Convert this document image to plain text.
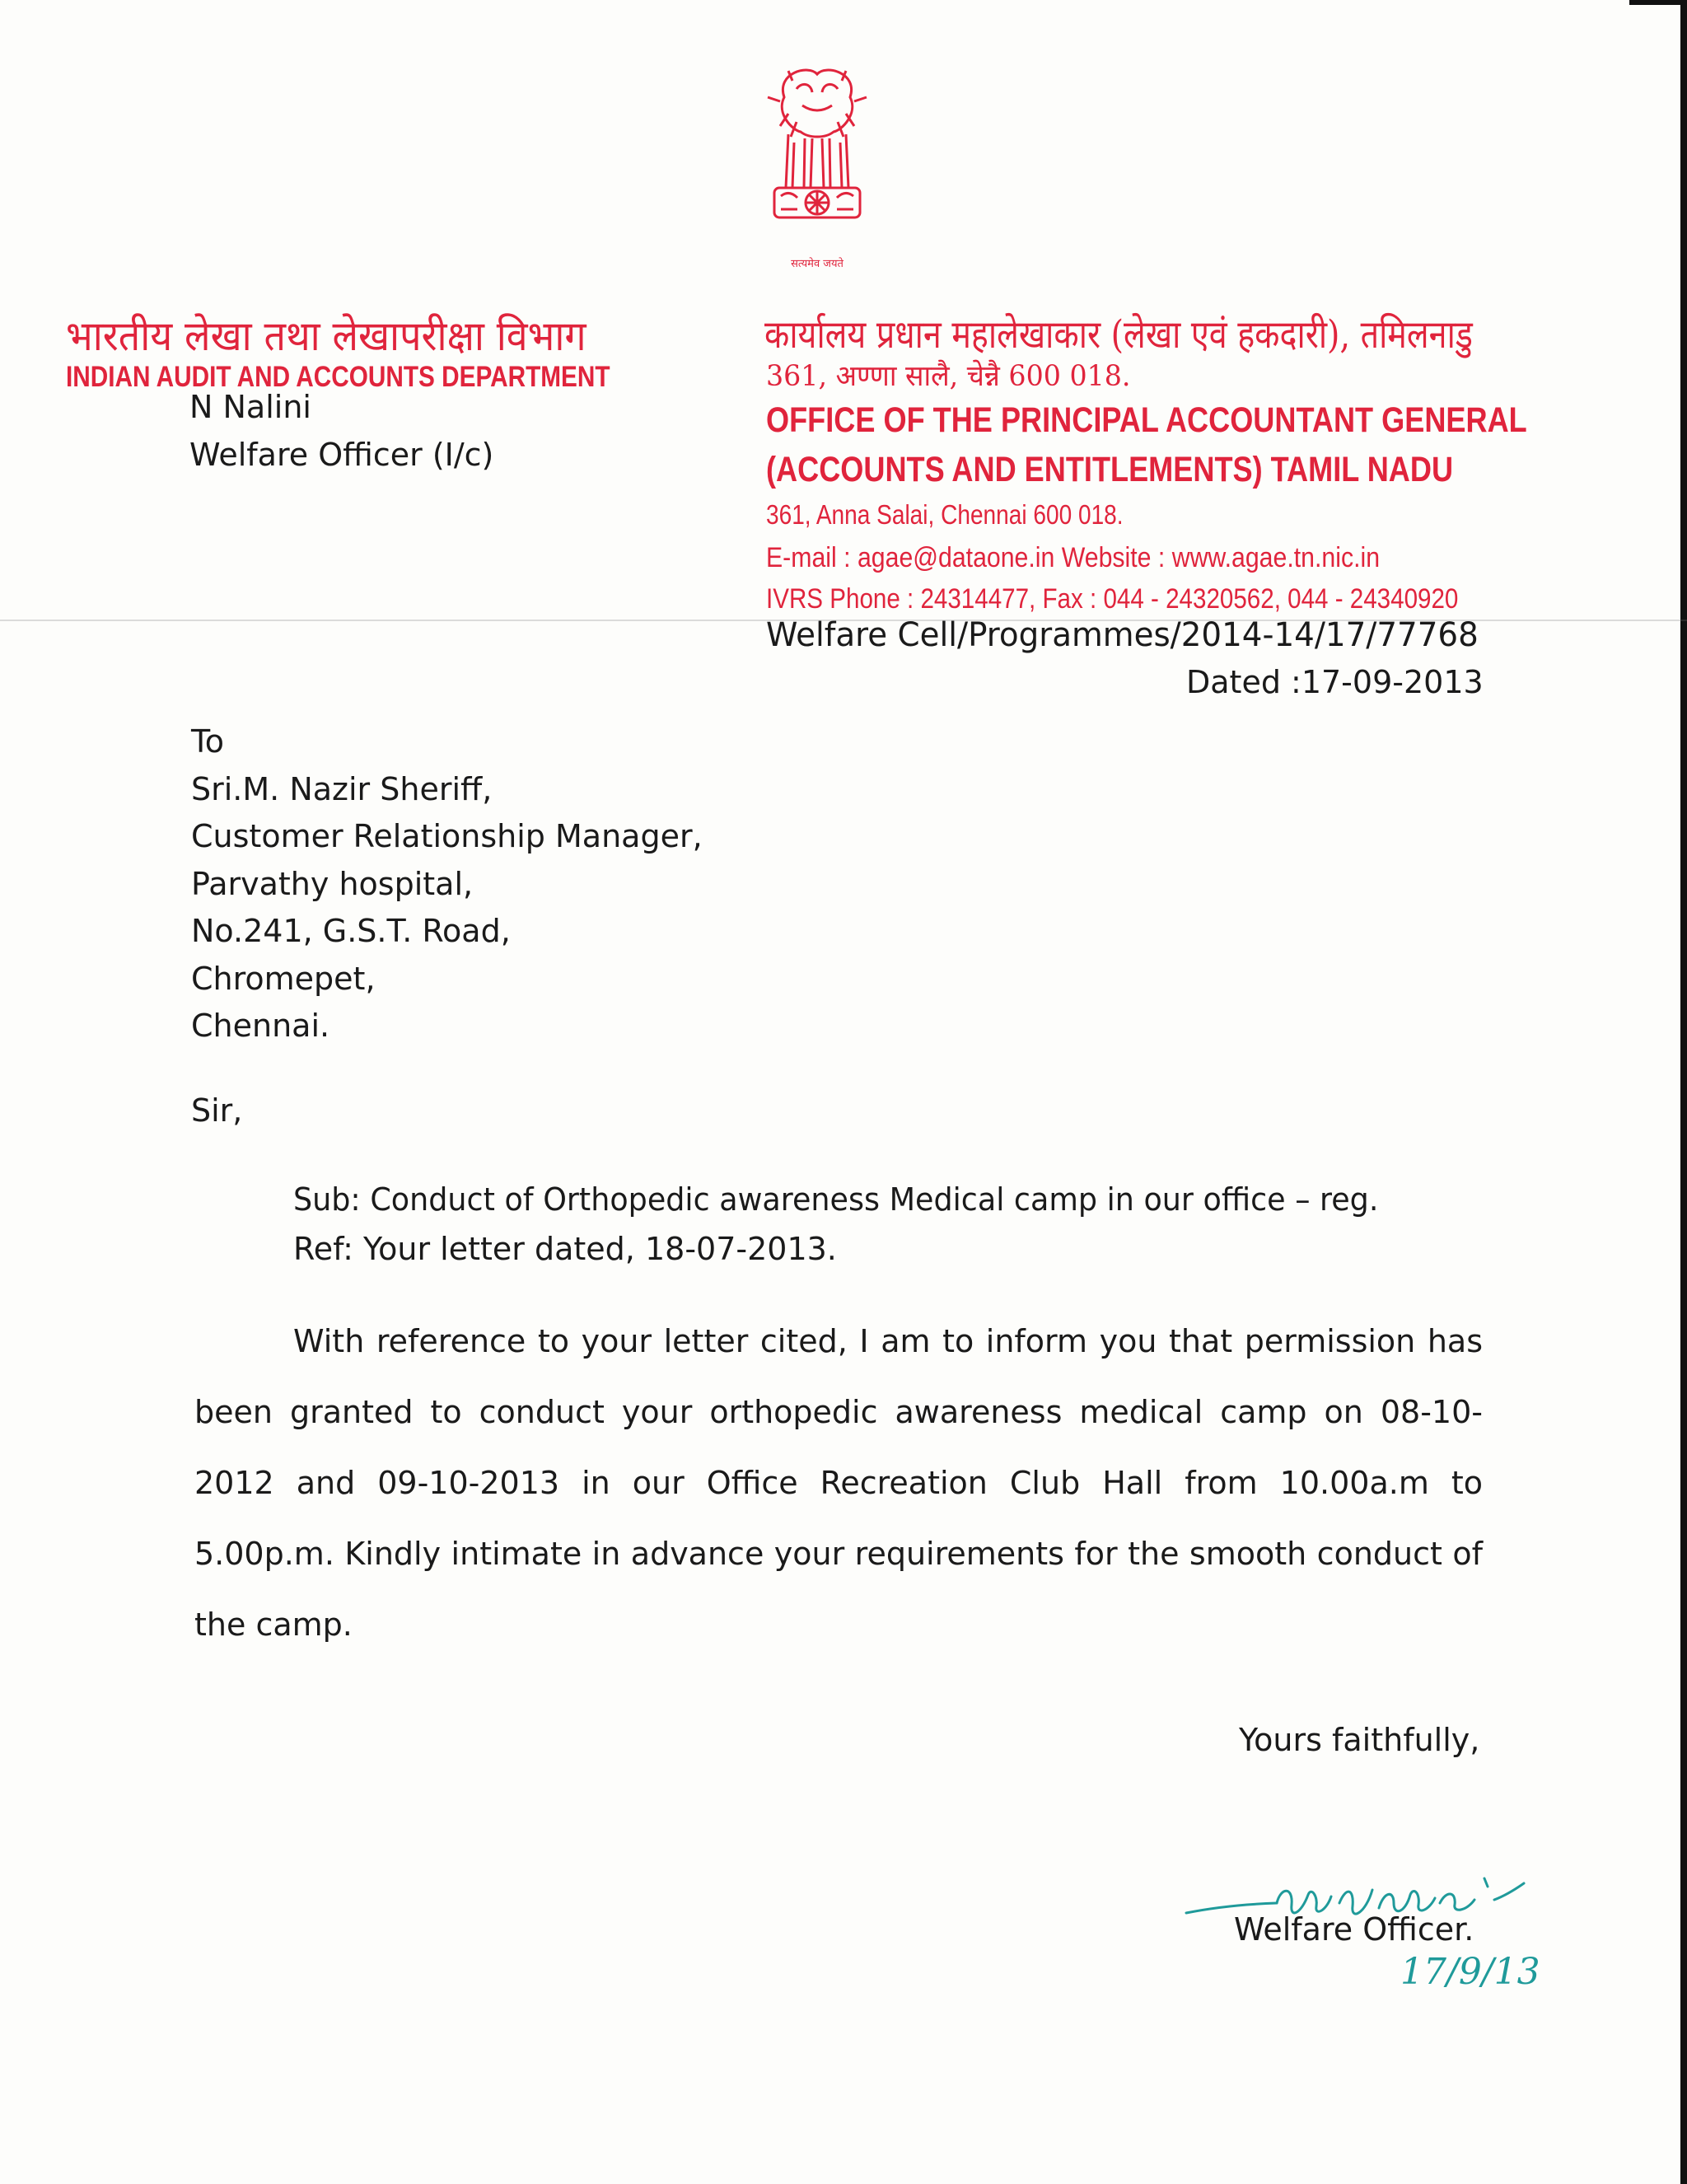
सत्यमेव जयते
भारतीय लेखा तथा लेखापरीक्षा विभाग
INDIAN AUDIT AND ACCOUNTS DEPARTMENT
कार्यालय प्रधान महालेखाकार (लेखा एवं हकदारी), तमिलनाडु
361, अण्णा सालै, चेन्नै 600 018.
OFFICE OF THE PRINCIPAL ACCOUNTANT GENERAL
(ACCOUNTS AND ENTITLEMENTS) TAMIL NADU
361, Anna Salai, Chennai 600 018.
E-mail : agae@dataone.in Website : www.agae.tn.nic.in
IVRS Phone : 24314477, Fax : 044 - 24320562, 044 - 24340920
N Nalini
Welfare Officer (I/c)
Welfare Cell/Programmes/2014-14/17/77768
Dated :17-09-2013
To
Sri.M. Nazir Sheriff,
Customer Relationship Manager,
Parvathy hospital,
No.241, G.S.T. Road,
Chromepet,
Chennai.
Sir,
Sub: Conduct of Orthopedic awareness Medical camp in our office – reg.
Ref: Your letter dated, 18-07-2013.

With reference to your letter cited, I am to inform you that permission has been granted to conduct your orthopedic awareness medical camp on 08-10-2012 and 09-10-2013 in our Office Recreation Club Hall from 10.00a.m to 5.00p.m. Kindly intimate in advance your requirements for the smooth conduct of the camp.

Yours faithfully,
Welfare Officer.
17/9/13
